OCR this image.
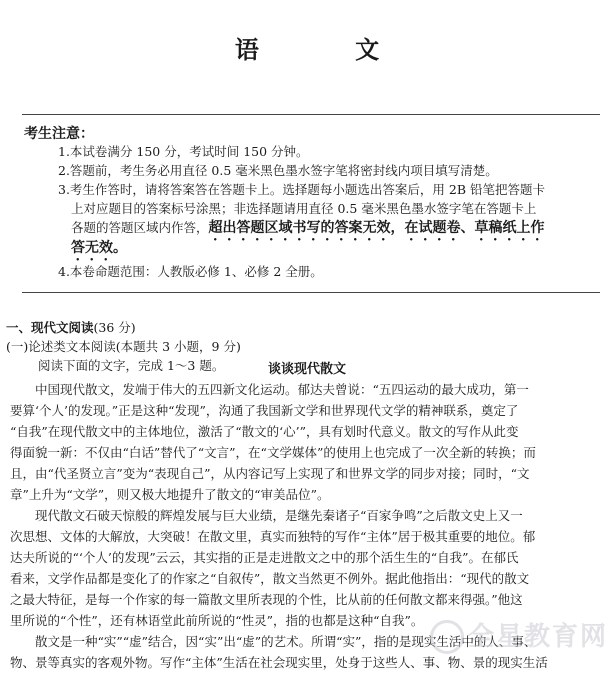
语 文
考生注意：
1.本试卷满分 150 分，考试时间 150 分钟。
2.答题前，考生务必用直径 0.5 毫米黑色墨水签字笔将密封线内项目填写清楚。
3.考生作答时，请将答案答在答题卡上。选择题每小题选出答案后，用 2B 铅笔把答题卡
上对应题目的答案标号涂黑；非选择题请用直径 0.5 毫米黑色墨水签字笔在答题卡上
各题的答题区域内作答，超出答题区域书写的答案无效，在试题卷、草稿纸上作
答无效。
4.本卷命题范围：人教版必修 1、必修 2 全册。
一、现代文阅读(36 分)
(一)论述类文本阅读(本题共 3 小题，9 分)
阅读下面的文字，完成 1～3 题。	谈谈现代散文
　　中国现代散文，发端于伟大的五四新文化运动。郁达夫曾说：“五四运动的最大成功，第一
要算‘个人’的发现。”正是这种“发现”，沟通了我国新文学和世界现代文学的精神联系，奠定了
“自我”在现代散文中的主体地位，激活了“散文的‘心’”，具有划时代意义。散文的写作从此变
得面貌一新：不仅由“白话”替代了“文言”，在“文学媒体”的使用上也完成了一次全新的转换；而
且，由“代圣贤立言”变为“表现自己”，从内容记写上实现了和世界文学的同步对接；同时，“文
章”上升为“文学”，则又极大地提升了散文的“审美品位”。
　　现代散文石破天惊般的辉煌发展与巨大业绩，是继先秦诸子“百家争鸣”之后散文史上又一
次思想、文体的大解放，大突破！在散文里，真实而独特的写作“主体”居于极其重要的地位。郁
达夫所说的“‘个人’的发现”云云，其实指的正是走进散文之中的那个活生生的“自我”。在郁氏
看来，文学作品都是变化了的作家之“自叙传”，散文当然更不例外。据此他指出：“现代的散文
之最大特征，是每一个作家的每一篇散文里所表现的个性，比从前的任何散文都来得强。”他这
里所说的“个性”，还有林语堂此前所说的“性灵”，指的也都是这种“自我”。
　　散文是一种“实”“虚”结合，因“实”出“虚”的艺术。所谓“实”，指的是现实生活中的人、事、
物、景等真实的客观外物。写作“主体”生活在社会现实里，处身于这些人、事、物、景的现实生活
全星教育网
